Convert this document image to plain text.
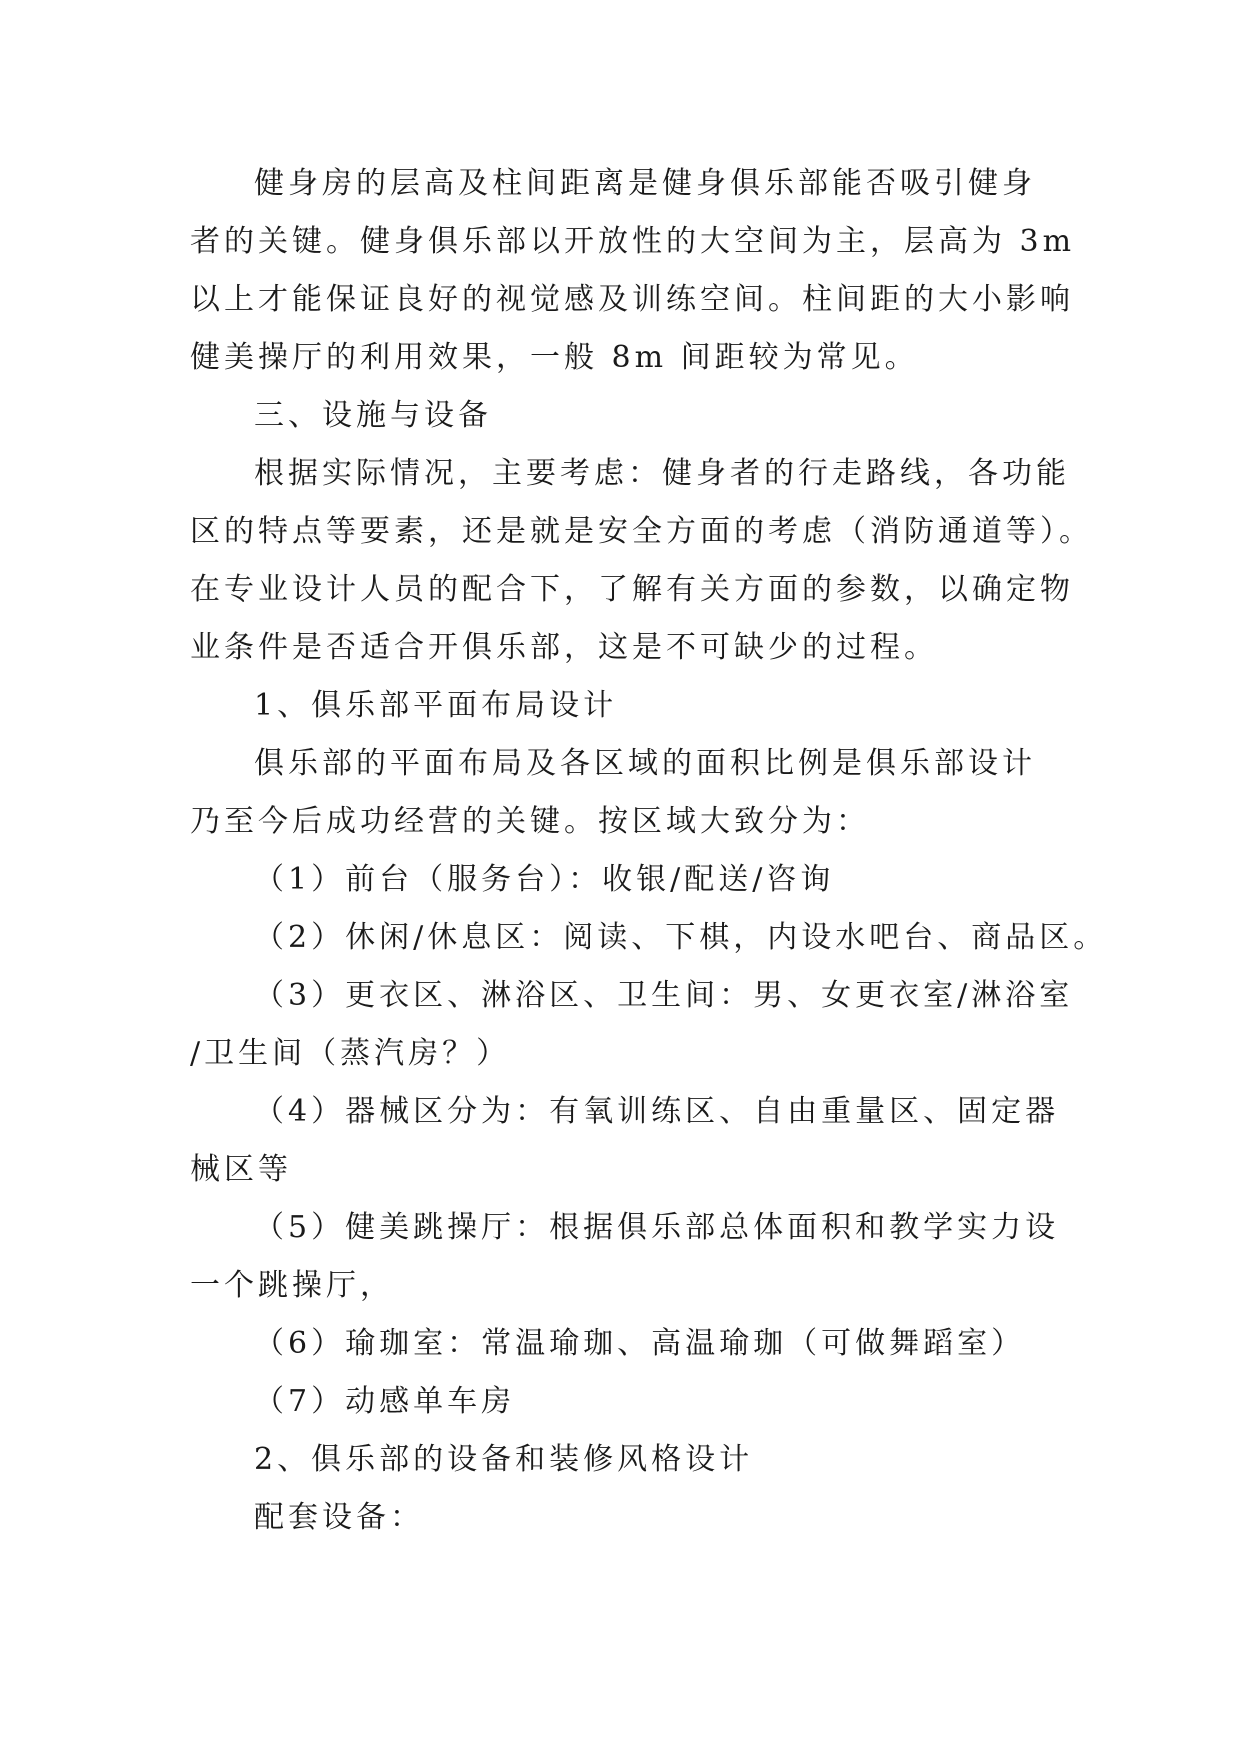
健身房的层高及柱间距离是健身俱乐部能否吸引健身
者的关键。健身俱乐部以开放性的大空间为主，层高为 3m
以上才能保证良好的视觉感及训练空间。柱间距的大小影响
健美操厅的利用效果，一般 8m 间距较为常见。
三、设施与设备
根据实际情况，主要考虑：健身者的行走路线，各功能
区的特点等要素，还是就是安全方面的考虑（消防通道等）。
在专业设计人员的配合下，了解有关方面的参数，以确定物
业条件是否适合开俱乐部，这是不可缺少的过程。
1、俱乐部平面布局设计
俱乐部的平面布局及各区域的面积比例是俱乐部设计
乃至今后成功经营的关键。按区域大致分为：
（1）前台（服务台）：收银/配送/咨询
（2）休闲/休息区：阅读、下棋，内设水吧台、商品区。
（3）更衣区、淋浴区、卫生间：男、女更衣室/淋浴室
/卫生间（蒸汽房？）
（4）器械区分为：有氧训练区、自由重量区、固定器
械区等
（5）健美跳操厅：根据俱乐部总体面积和教学实力设
一个跳操厅，
（6）瑜珈室：常温瑜珈、高温瑜珈（可做舞蹈室）
（7）动感单车房
2、俱乐部的设备和装修风格设计
配套设备：
